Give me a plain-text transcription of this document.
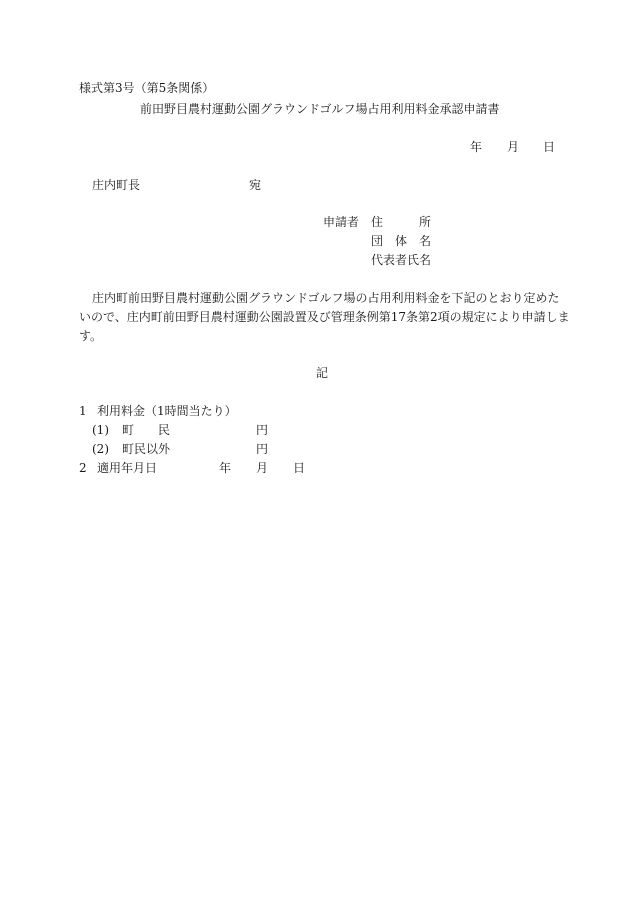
様式第3号（第5条関係）
前田野目農村運動公園グラウンドゴルフ場占用利用料金承認申請書
年 月 日
庄内町長	宛
申請者 住　　　所
団　体　名
代表者氏名
庄内町前田野目農村運動公園グラウンドゴルフ場の占用利用料金を下記のとおり定めた
いので、庄内町前田野目農村運動公園設置及び管理条例第17条第2項の規定により申請しま
す。
記
1 利用料金（1時間当たり）
(1) 町　　民	円
(2) 町民以外	円
2 適用年月日	年 月 日
